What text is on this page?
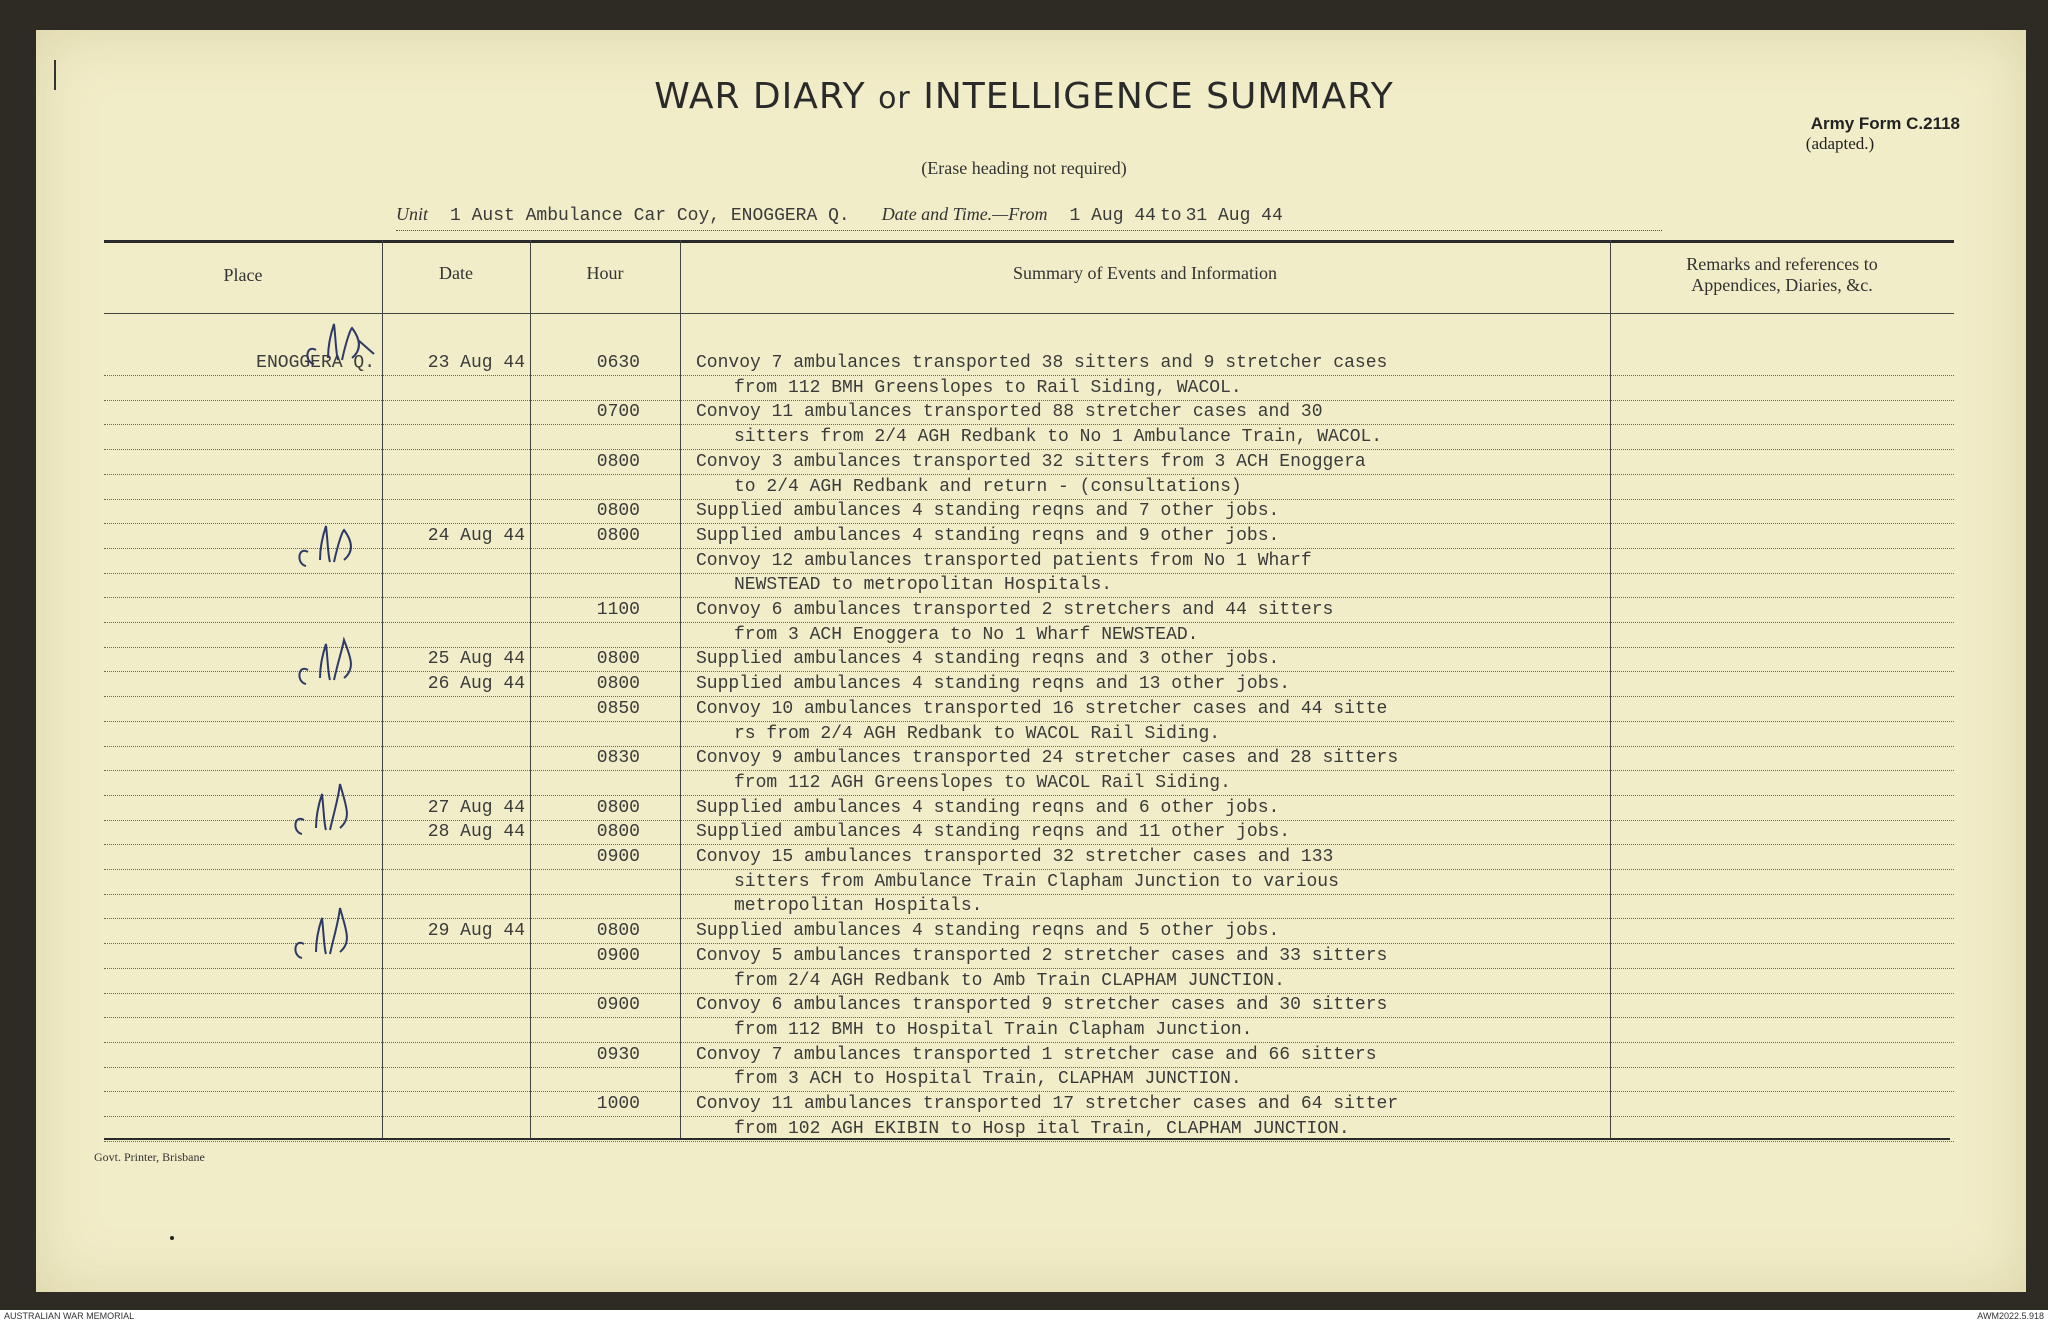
WAR DIARY or INTELLIGENCE SUMMARY
(Erase heading not required)
Army Form C.2118
(adapted.)
Unit 1 Aust Ambulance Car Coy, ENOGGERA Q. Date and Time.—From 1 Aug 44 to 31 Aug 44
Place	Date	Hour	Summary of Events and Information	Remarks and references to
Appendices, Diaries, &c.
ENOGGERA Q.	23 Aug 44	0630	Convoy 7 ambulances transported 38 sitters and 9 stretcher cases
from 112 BMH Greenslopes to Rail Siding, WACOL.
0700	Convoy 11 ambulances transported 88 stretcher cases and 30
sitters from 2/4 AGH Redbank to No 1 Ambulance Train, WACOL.
0800	Convoy 3 ambulances transported 32 sitters from 3 ACH Enoggera
to 2/4 AGH Redbank and return - (consultations)
0800	Supplied ambulances 4 standing reqns and 7 other jobs.
24 Aug 44	0800	Supplied ambulances 4 standing reqns and 9 other jobs.
Convoy 12 ambulances transported patients from No 1 Wharf
NEWSTEAD to metropolitan Hospitals.
1100	Convoy 6 ambulances transported 2 stretchers and 44 sitters
from 3 ACH Enoggera to No 1 Wharf NEWSTEAD.
25 Aug 44	0800	Supplied ambulances 4 standing reqns and 3 other jobs.
26 Aug 44	0800	Supplied ambulances 4 standing reqns and 13 other jobs.
0850	Convoy 10 ambulances transported 16 stretcher cases and 44 sitte
rs from 2/4 AGH Redbank to WACOL Rail Siding.
0830	Convoy 9 ambulances transported 24 stretcher cases and 28 sitters
from 112 AGH Greenslopes to WACOL Rail Siding.
27 Aug 44	0800	Supplied ambulances 4 standing reqns and 6 other jobs.
28 Aug 44	0800	Supplied ambulances 4 standing reqns and 11 other jobs.
0900	Convoy 15 ambulances transported 32 stretcher cases and 133
sitters from Ambulance Train Clapham Junction to various
metropolitan Hospitals.
29 Aug 44	0800	Supplied ambulances 4 standing reqns and 5 other jobs.
0900	Convoy 5 ambulances transported 2 stretcher cases and 33 sitters
from 2/4 AGH Redbank to Amb Train CLAPHAM JUNCTION.
0900	Convoy 6 ambulances transported 9 stretcher cases and 30 sitters
from 112 BMH to Hospital Train Clapham Junction.
0930	Convoy 7 ambulances transported 1 stretcher case and 66 sitters
from 3 ACH to Hospital Train, CLAPHAM JUNCTION.
1000	Convoy 11 ambulances transported 17 stretcher cases and 64 sitter
from 102 AGH EKIBIN to Hosp ital Train, CLAPHAM JUNCTION.
Govt. Printer, Brisbane
AUSTRALIAN WAR MEMORIAL	AWM2022.5.918
